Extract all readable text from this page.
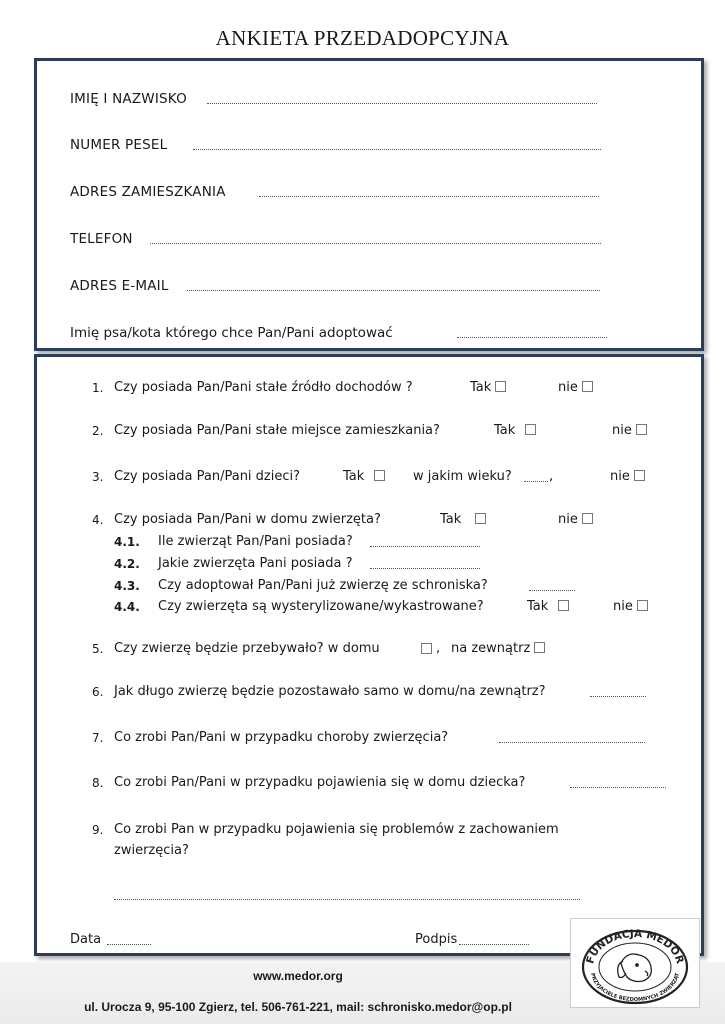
ANKIETA PRZEDADOPCYJNA
IMIĘ I NAZWISKO
NUMER PESEL
ADRES ZAMIESZKANIA
TELEFON
ADRES E-MAIL
Imię psa/kota którego chce Pan/Pani adoptować
1. Czy posiada Pan/Pani stałe źródło dochodów ?	Tak	nie
2. Czy posiada Pan/Pani stałe miejsce zamieszkania?	Tak	nie
3. Czy posiada Pan/Pani dzieci?	Tak	w jakim wieku?	,	nie
4. Czy posiada Pan/Pani w domu zwierzęta?	Tak	nie
4.1. Ile zwierząt Pan/Pani posiada?
4.2. Jakie zwierzęta Pani posiada ?
4.3. Czy adoptował Pan/Pani już zwierzę ze schroniska?
4.4. Czy zwierzęta są wysterylizowane/wykastrowane?	Tak	nie
5. Czy zwierzę będzie przebywało? w domu	, na zewnątrz
6. Jak długo zwierzę będzie pozostawało samo w domu/na zewnątrz?
7. Co zrobi Pan/Pani w przypadku choroby zwierzęcia?
8. Co zrobi Pan/Pani w przypadku pojawienia się w domu dziecka?
9. Co zrobi Pan w przypadku pojawienia się problemów z zachowaniem
zwierzęcia?
Data	Podpis
www.medor.org
ul. Urocza 9, 95-100 Zgierz, tel. 506-761-221, mail: schronisko.medor@op.pl
FUNDACJA MEDOR
PRZYJACIELE BEZDOMNYCH ZWIERZĄT
